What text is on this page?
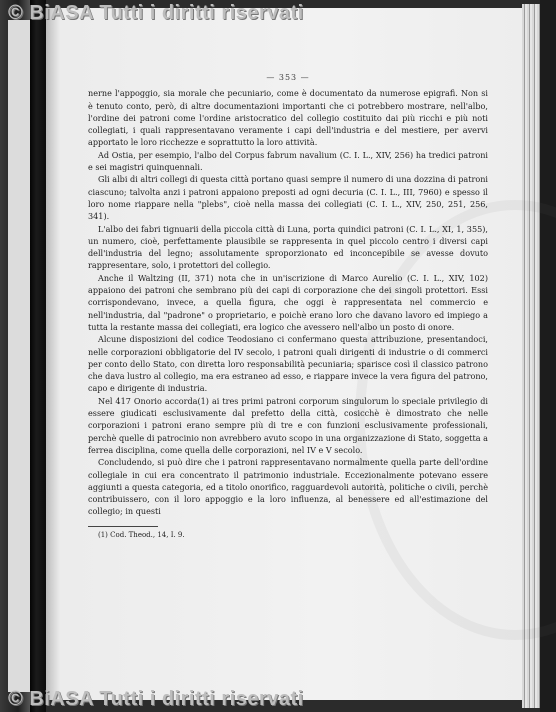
© BiASA Tutti i diritti riservati
— 353 —

nerne l'appoggio, sia morale che pecuniario, come è documentato da numerose epigrafi. Non si è tenuto conto, però, di altre documentazioni importanti che ci potrebbero mostrare, nell'albo, l'ordine dei patroni come l'ordine aristocratico del collegio costituito dai più ricchi e più noti collegiati, i quali rappresentavano veramente i capi dell'industria e del mestiere, per avervi apportato le loro ricchezze e soprattutto la loro attività.

Ad Ostia, per esempio, l'albo del Corpus fabrum navalium (C. I. L., XIV, 256) ha tredici patroni e sei magistri quinquennali.

Gli albi di altri collegi di questa città portano quasi sempre il numero di una dozzina di patroni ciascuno; talvolta anzi i patroni appaiono preposti ad ogni decuria (C. I. L., III, 7960) e spesso il loro nome riappare nella "plebs", cioè nella massa dei collegiati (C. I. L., XIV, 250, 251, 256, 341).

L'albo dei fabri tignuarii della piccola città di Luna, porta quindici patroni (C. I. L., XI, 1, 355), un numero, cioè, perfettamente plausibile se rappresenta in quel piccolo centro i diversi capi dell'industria del legno; assolutamente sproporzionato ed inconcepibile se avesse dovuto rappresentare, solo, i protettori del collegio.

Anche il Waltzing (II, 371) nota che in un'iscrizione di Marco Aurelio (C. I. L., XIV, 102) appaiono dei patroni che sembrano più dei capi di corporazione che dei singoli protettori. Essi corrispondevano, invece, a quella figura, che oggi è rappresentata nel commercio e nell'industria, dal "padrone" o proprietario, e poichè erano loro che davano lavoro ed impiego a tutta la restante massa dei collegiati, era logico che avessero nell'albo un posto di onore.

Alcune disposizioni del codice Teodosiano ci confermano questa attribuzione, presentandoci, nelle corporazioni obbligatorie del IV secolo, i patroni quali dirigenti di industrie o di commerci per conto dello Stato, con diretta loro responsabilità pecuniaria; sparisce così il classico patrono che dava lustro al collegio, ma era estraneo ad esso, e riappare invece la vera figura del patrono, capo e dirigente di industria.

Nel 417 Onorio accorda(1) ai tres primi patroni corporum singulorum lo speciale privilegio di essere giudicati esclusivamente dal prefetto della città, cosicchè è dimostrato che nelle corporazioni i patroni erano sempre più di tre e con funzioni esclusivamente professionali, perchè quelle di patrocinio non avrebbero avuto scopo in una organizzazione di Stato, soggetta a ferrea disciplina, come quella delle corporazioni, nel IV e V secolo.

Concludendo, si può dire che i patroni rappresentavano normalmente quella parte dell'ordine collegiale in cui era concentrato il patrimonio industriale. Eccezionalmente potevano essere aggiunti a questa categoria, ed a titolo onorifico, ragguardevoli autorità, politiche o civili, perchè contribuissero, con il loro appoggio e la loro influenza, al benessere ed all'estimazione del collegio; in questi

(1) Cod. Theod., 14, I. 9.
© BiASA Tutti i diritti riservati
